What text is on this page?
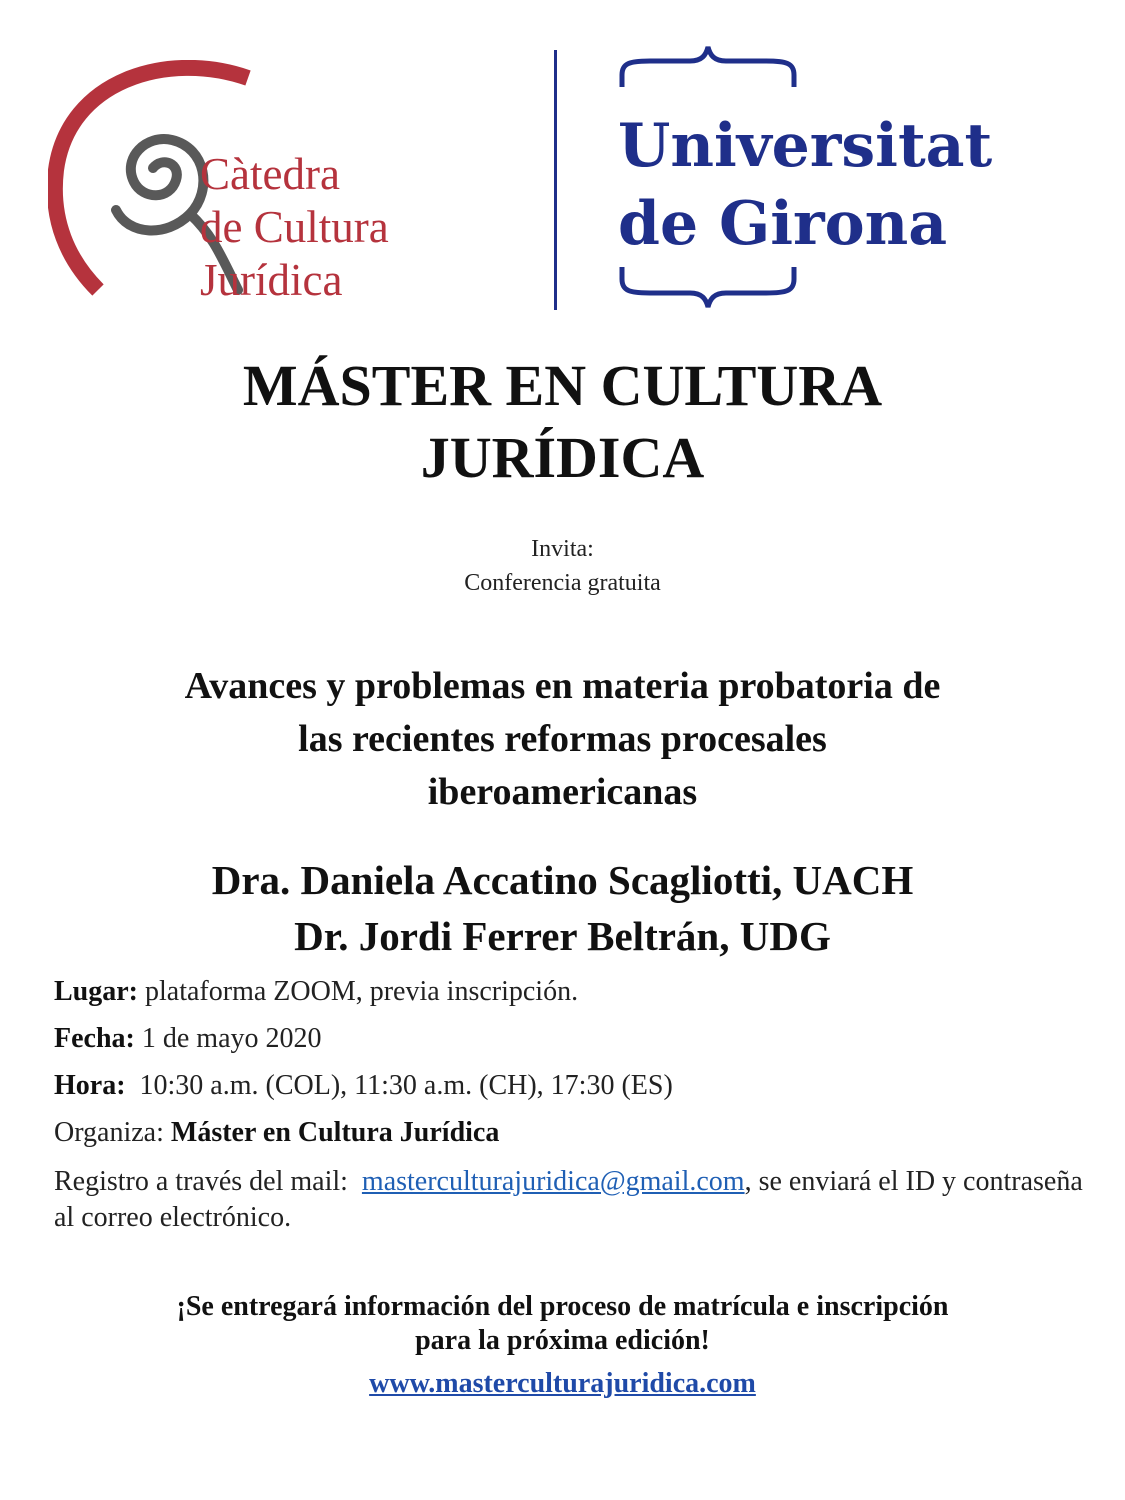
Càtedra
de Cultura
Jurídica
Universitat
de Girona
MÁSTER EN CULTURA
JURÍDICA
Invita:
Conferencia gratuita
Avances y problemas en materia probatoria de
las recientes reformas procesales
iberoamericanas
Dra. Daniela Accatino Scagliotti, UACH
Dr. Jordi Ferrer Beltrán, UDG
Lugar: plataforma ZOOM, previa inscripción.
Fecha: 1 de mayo 2020
Hora:  10:30 a.m. (COL), 11:30 a.m. (CH), 17:30 (ES)
Organiza: Máster en Cultura Jurídica
Registro a través del mail:  masterculturajuridica@gmail.com, se enviará el ID y contraseña al correo electrónico.
¡Se entregará información del proceso de matrícula e inscripción
para la próxima edición!
www.masterculturajuridica.com
